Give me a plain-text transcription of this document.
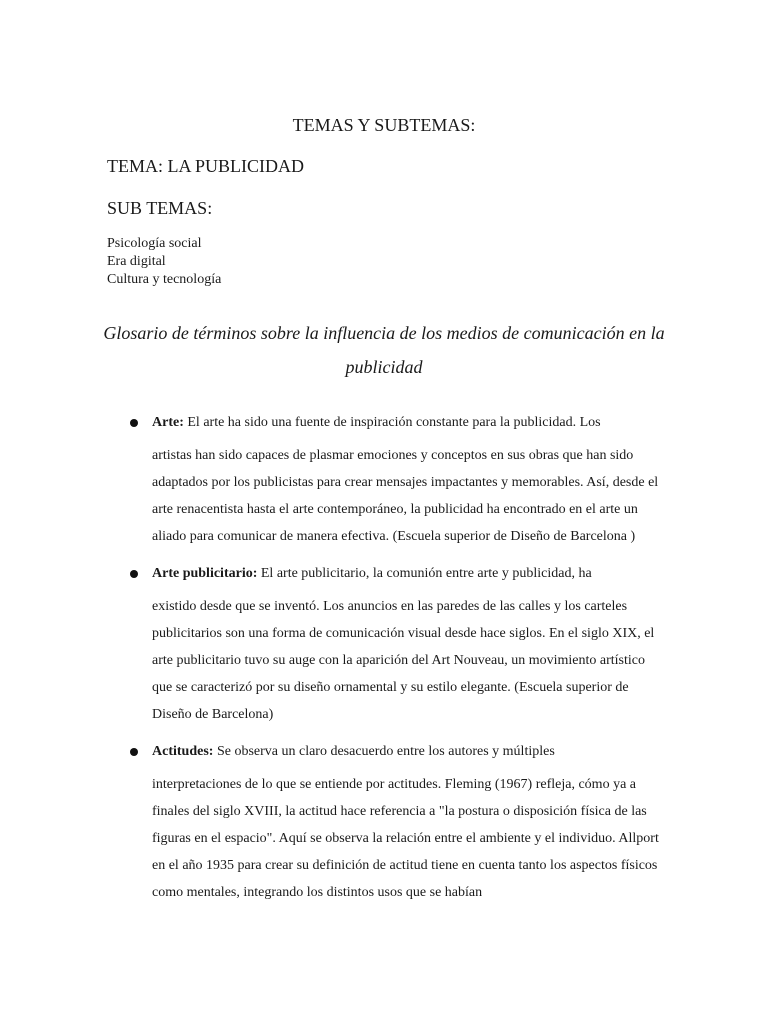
TEMAS Y SUBTEMAS:
TEMA: LA PUBLICIDAD
SUB TEMAS:
Psicología social
Era digital
Cultura y tecnología
Glosario de términos sobre la influencia de los medios de comunicación en la
publicidad
Arte: El arte ha sido una fuente de inspiración constante para la publicidad. Los
artistas han sido capaces de plasmar emociones y conceptos en sus obras que han sido adaptados por los publicistas para crear mensajes impactantes y memorables. Así, desde el arte renacentista hasta el arte contemporáneo, la publicidad ha encontrado en el arte un aliado para comunicar de manera efectiva. (Escuela superior de Diseño de Barcelona )
Arte publicitario: El arte publicitario, la comunión entre arte y publicidad, ha
existido desde que se inventó. Los anuncios en las paredes de las calles y los carteles publicitarios son una forma de comunicación visual desde hace siglos. En el siglo XIX, el arte publicitario tuvo su auge con la aparición del Art Nouveau, un movimiento artístico que se caracterizó por su diseño ornamental y su estilo elegante. (Escuela superior de Diseño de Barcelona)
Actitudes: Se observa un claro desacuerdo entre los autores y múltiples
interpretaciones de lo que se entiende por actitudes. Fleming (1967) refleja, cómo ya a finales del siglo XVIII, la actitud hace referencia a "la postura o disposición física de las figuras en el espacio". Aquí se observa la relación entre el ambiente y el individuo. Allport en el año 1935 para crear su definición de actitud tiene en cuenta tanto los aspectos físicos como mentales, integrando los distintos usos que se habían
